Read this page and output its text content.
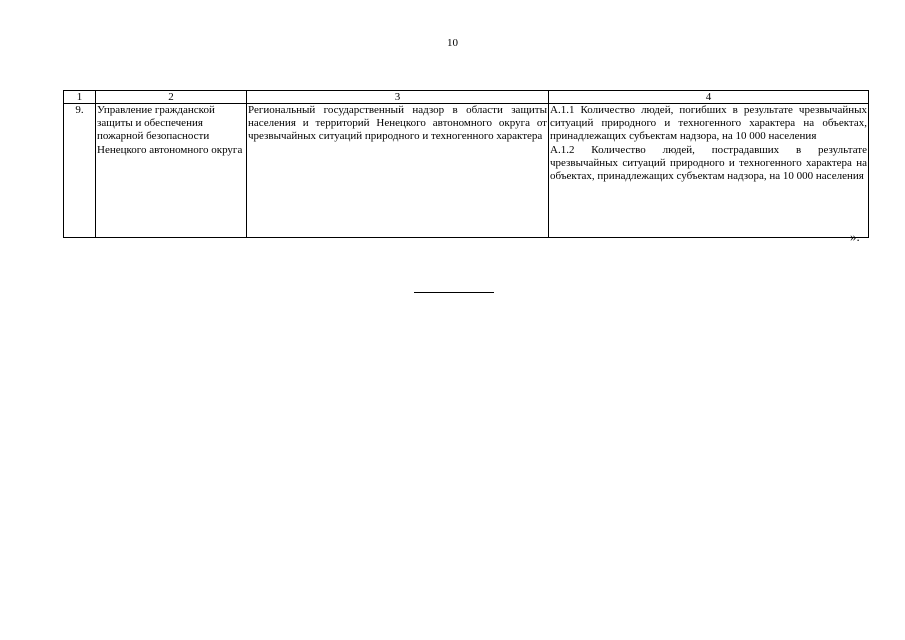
10
1	2	3	4
9.	Управление гражданской защиты и обеспечения пожарной безопасности Ненецкого автономного округа	Региональный государственный надзор в области защиты населения и территорий Ненецкого автономного округа от чрезвычайных ситуаций природного и техногенного характера	А.1.1 Количество людей, погибших в результате чрезвычайных ситуаций природного и техногенного характера на объектах, принадлежащих субъектам надзора, на 10 000 населения
А.1.2 Количество людей, пострадавших в результате чрезвычайных ситуаций природного и техногенного характера на объектах, принадлежащих субъектам надзора, на 10 000 населения
».
